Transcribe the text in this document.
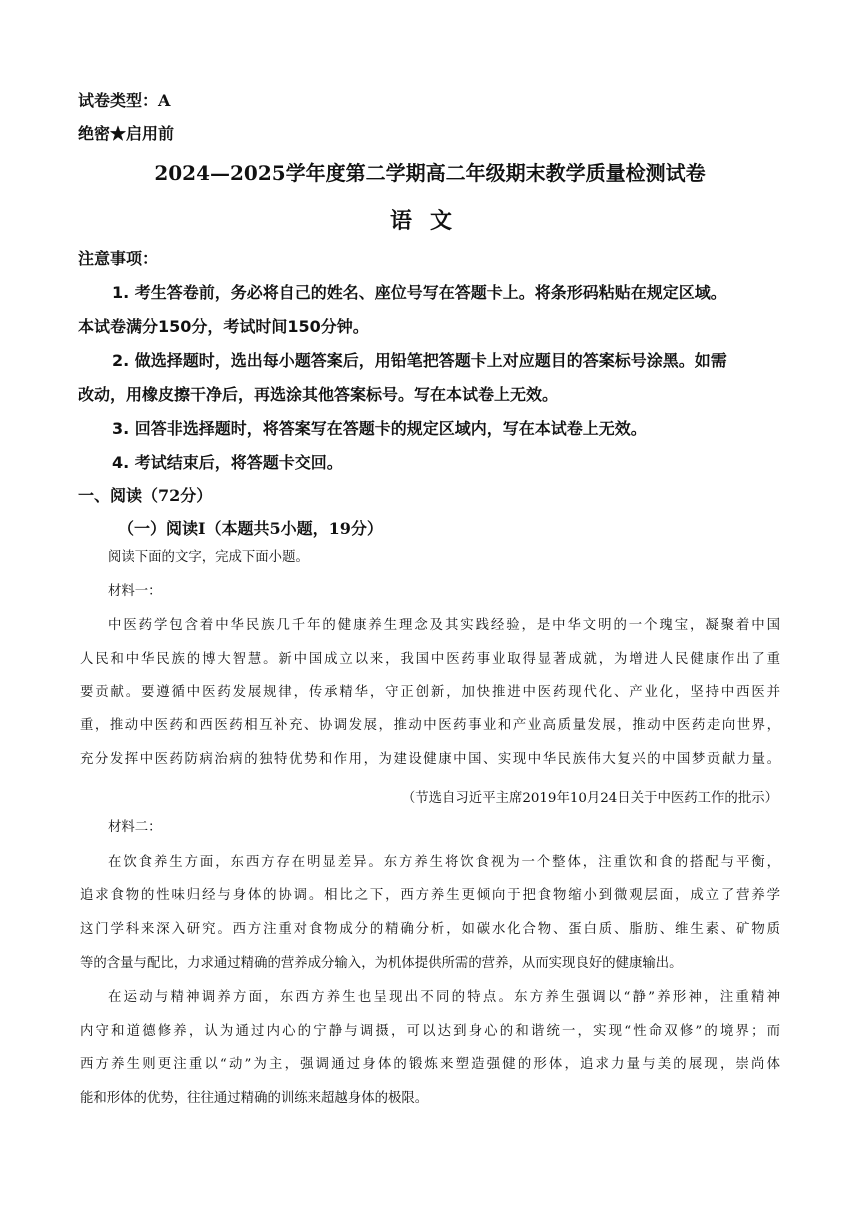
试卷类型：A
绝密★启用前
2024—2025学年度第二学期高二年级期末教学质量检测试卷
语文
注意事项：
1. 考生答卷前，务必将自己的姓名、座位号写在答题卡上。将条形码粘贴在规定区域。
本试卷满分150分，考试时间150分钟。
2. 做选择题时，选出每小题答案后，用铅笔把答题卡上对应题目的答案标号涂黑。如需
改动，用橡皮擦干净后，再选涂其他答案标号。写在本试卷上无效。
3. 回答非选择题时，将答案写在答题卡的规定区域内，写在本试卷上无效。
4. 考试结束后，将答题卡交回。
一、阅读（72分）
（一）阅读Ⅰ（本题共5小题，19分）
阅读下面的文字，完成下面小题。
材料一：
中医药学包含着中华民族几千年的健康养生理念及其实践经验，是中华文明的一个瑰宝，凝聚着中国
人民和中华民族的博大智慧。新中国成立以来，我国中医药事业取得显著成就，为增进人民健康作出了重
要贡献。要遵循中医药发展规律，传承精华，守正创新，加快推进中医药现代化、产业化，坚持中西医并
重，推动中医药和西医药相互补充、协调发展，推动中医药事业和产业高质量发展，推动中医药走向世界，
充分发挥中医药防病治病的独特优势和作用，为建设健康中国、实现中华民族伟大复兴的中国梦贡献力量。
（节选自习近平主席2019年10月24日关于中医药工作的批示）
材料二：
在饮食养生方面，东西方存在明显差异。东方养生将饮食视为一个整体，注重饮和食的搭配与平衡，
追求食物的性味归经与身体的协调。相比之下，西方养生更倾向于把食物缩小到微观层面，成立了营养学
这门学科来深入研究。西方注重对食物成分的精确分析，如碳水化合物、蛋白质、脂肪、维生素、矿物质
等的含量与配比，力求通过精确的营养成分输入，为机体提供所需的营养，从而实现良好的健康输出。
在运动与精神调养方面，东西方养生也呈现出不同的特点。东方养生强调以“静”养形神，注重精神
内守和道德修养，认为通过内心的宁静与调摄，可以达到身心的和谐统一，实现“性命双修”的境界；而
西方养生则更注重以“动”为主，强调通过身体的锻炼来塑造强健的形体，追求力量与美的展现，崇尚体
能和形体的优势，往往通过精确的训练来超越身体的极限。
